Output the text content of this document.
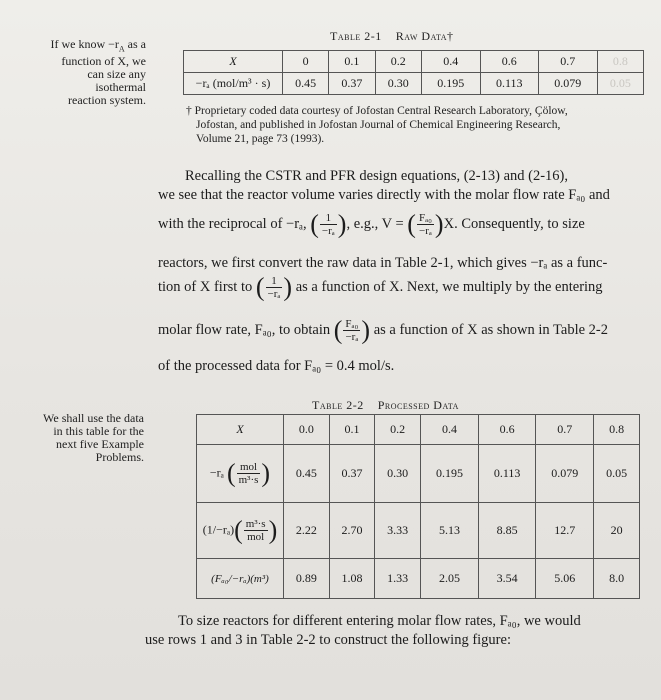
If we know $-r_A$ as a
function of X, we
can size any
isothermal
reaction system.
Table 2-1 Raw Data†
X	0	0.1	0.2	0.4	0.6	0.7	0.8
−rₐ (mol/m³ · s)	0.45	0.37	0.30	0.195	0.113	0.079	0.05
† Proprietary coded data courtesy of Jofostan Central Research Laboratory, Çölow,
Jofostan, and published in Jofostan Journal of Chemical Engineering Research,
Volume 21, page 73 (1993).
Recalling the CSTR and PFR design equations, (2-13) and (2-16),
we see that the reactor volume varies directly with the molar flow rate Fₐ₀ and
with the reciprocal of −rₐ, ( $\frac{1}{\text{−rₐ}}$ ), e.g., V = ( $\frac{\text{Fₐ₀}}{\text{−rₐ}} )X$. Consequently, to size
reactors, we first convert the raw data in Table 2-1, which gives −rₐ as a func-
tion of X first to ( $\frac{1}{\text{−rₐ}}$ ) as a function of X. Next, we multiply by the entering
molar flow rate, Fₐ₀, to obtain ( $\frac{\text{Fₐ₀}}{\text{−rₐ}}$ ) as a function of X as shown in Table 2-2
of the processed data for Fₐ₀ = 0.4 mol/s.
We shall use the data
in this table for the
next five Example
Problems.
Table 2-2 Processed Data
X	0.0	0.1	0.2	0.4	0.6	0.7	0.8
−rₐ ( $\frac{\text{mol}}{\text{m³·s}}$ )	0.45	0.37	0.30	0.195	0.113	0.079	0.05
$(1/-r_a)( \frac{\text{m³·s}}{\text{mol}}$ )	2.22	2.70	3.33	5.13	8.85	12.7	20
(Fₐ₀/−rₐ)(m³)	0.89	1.08	1.33	2.05	3.54	5.06	8.0
To size reactors for different entering molar flow rates, Fₐ₀, we would
use rows 1 and 3 in Table 2-2 to construct the following figure:
